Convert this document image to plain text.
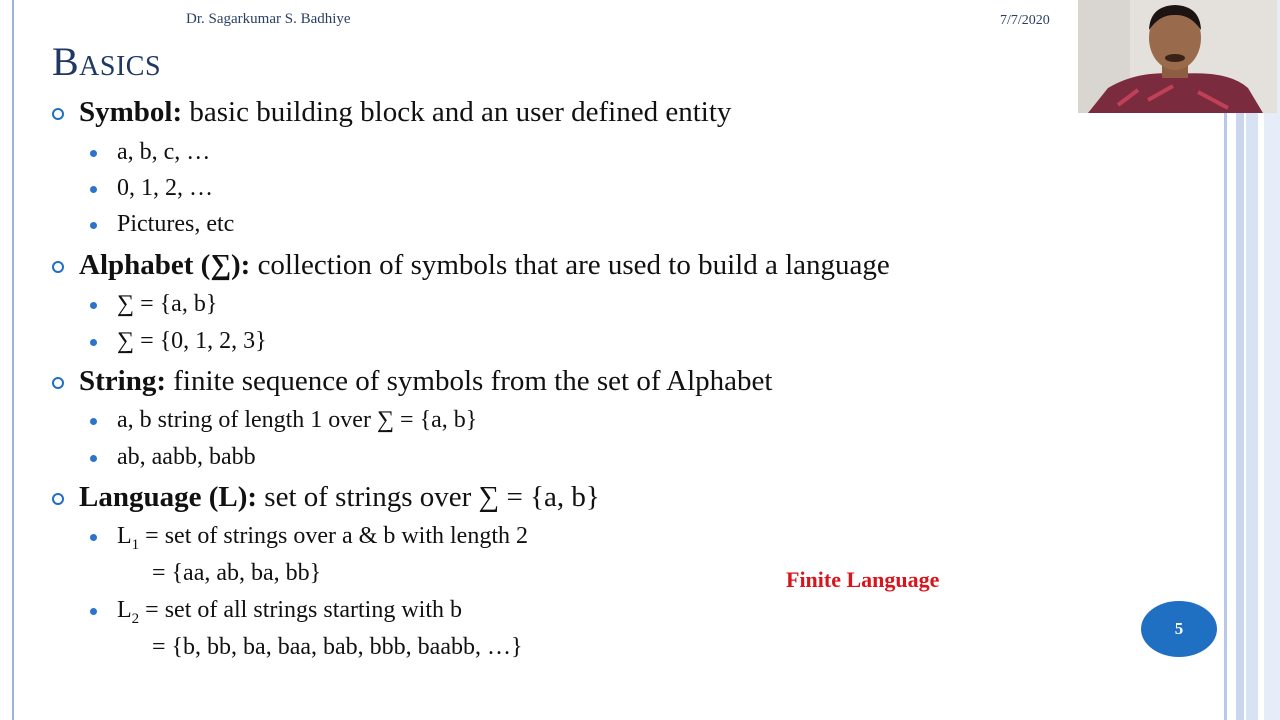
Dr. Sagarkumar S. Badhiye	7/7/2020
Basics
Symbol: basic building block and an user defined entity
a, b, c, …
0, 1, 2, …
Pictures, etc
Alphabet (∑): collection of symbols that are used to build a language
∑ = {a, b}
∑ = {0, 1, 2, 3}
String: finite sequence of symbols from the set of Alphabet
a, b string of length 1 over ∑ = {a, b}
ab, aabb, babb
Language (L): set of strings over ∑ = {a, b}
$L_1$ = set of strings over a & b with length 2
= {aa, ab, ba, bb}
$L_2$ = set of all strings starting with b
= {b, bb, ba, baa, bab, bbb, baabb, …}
Finite Language
5
